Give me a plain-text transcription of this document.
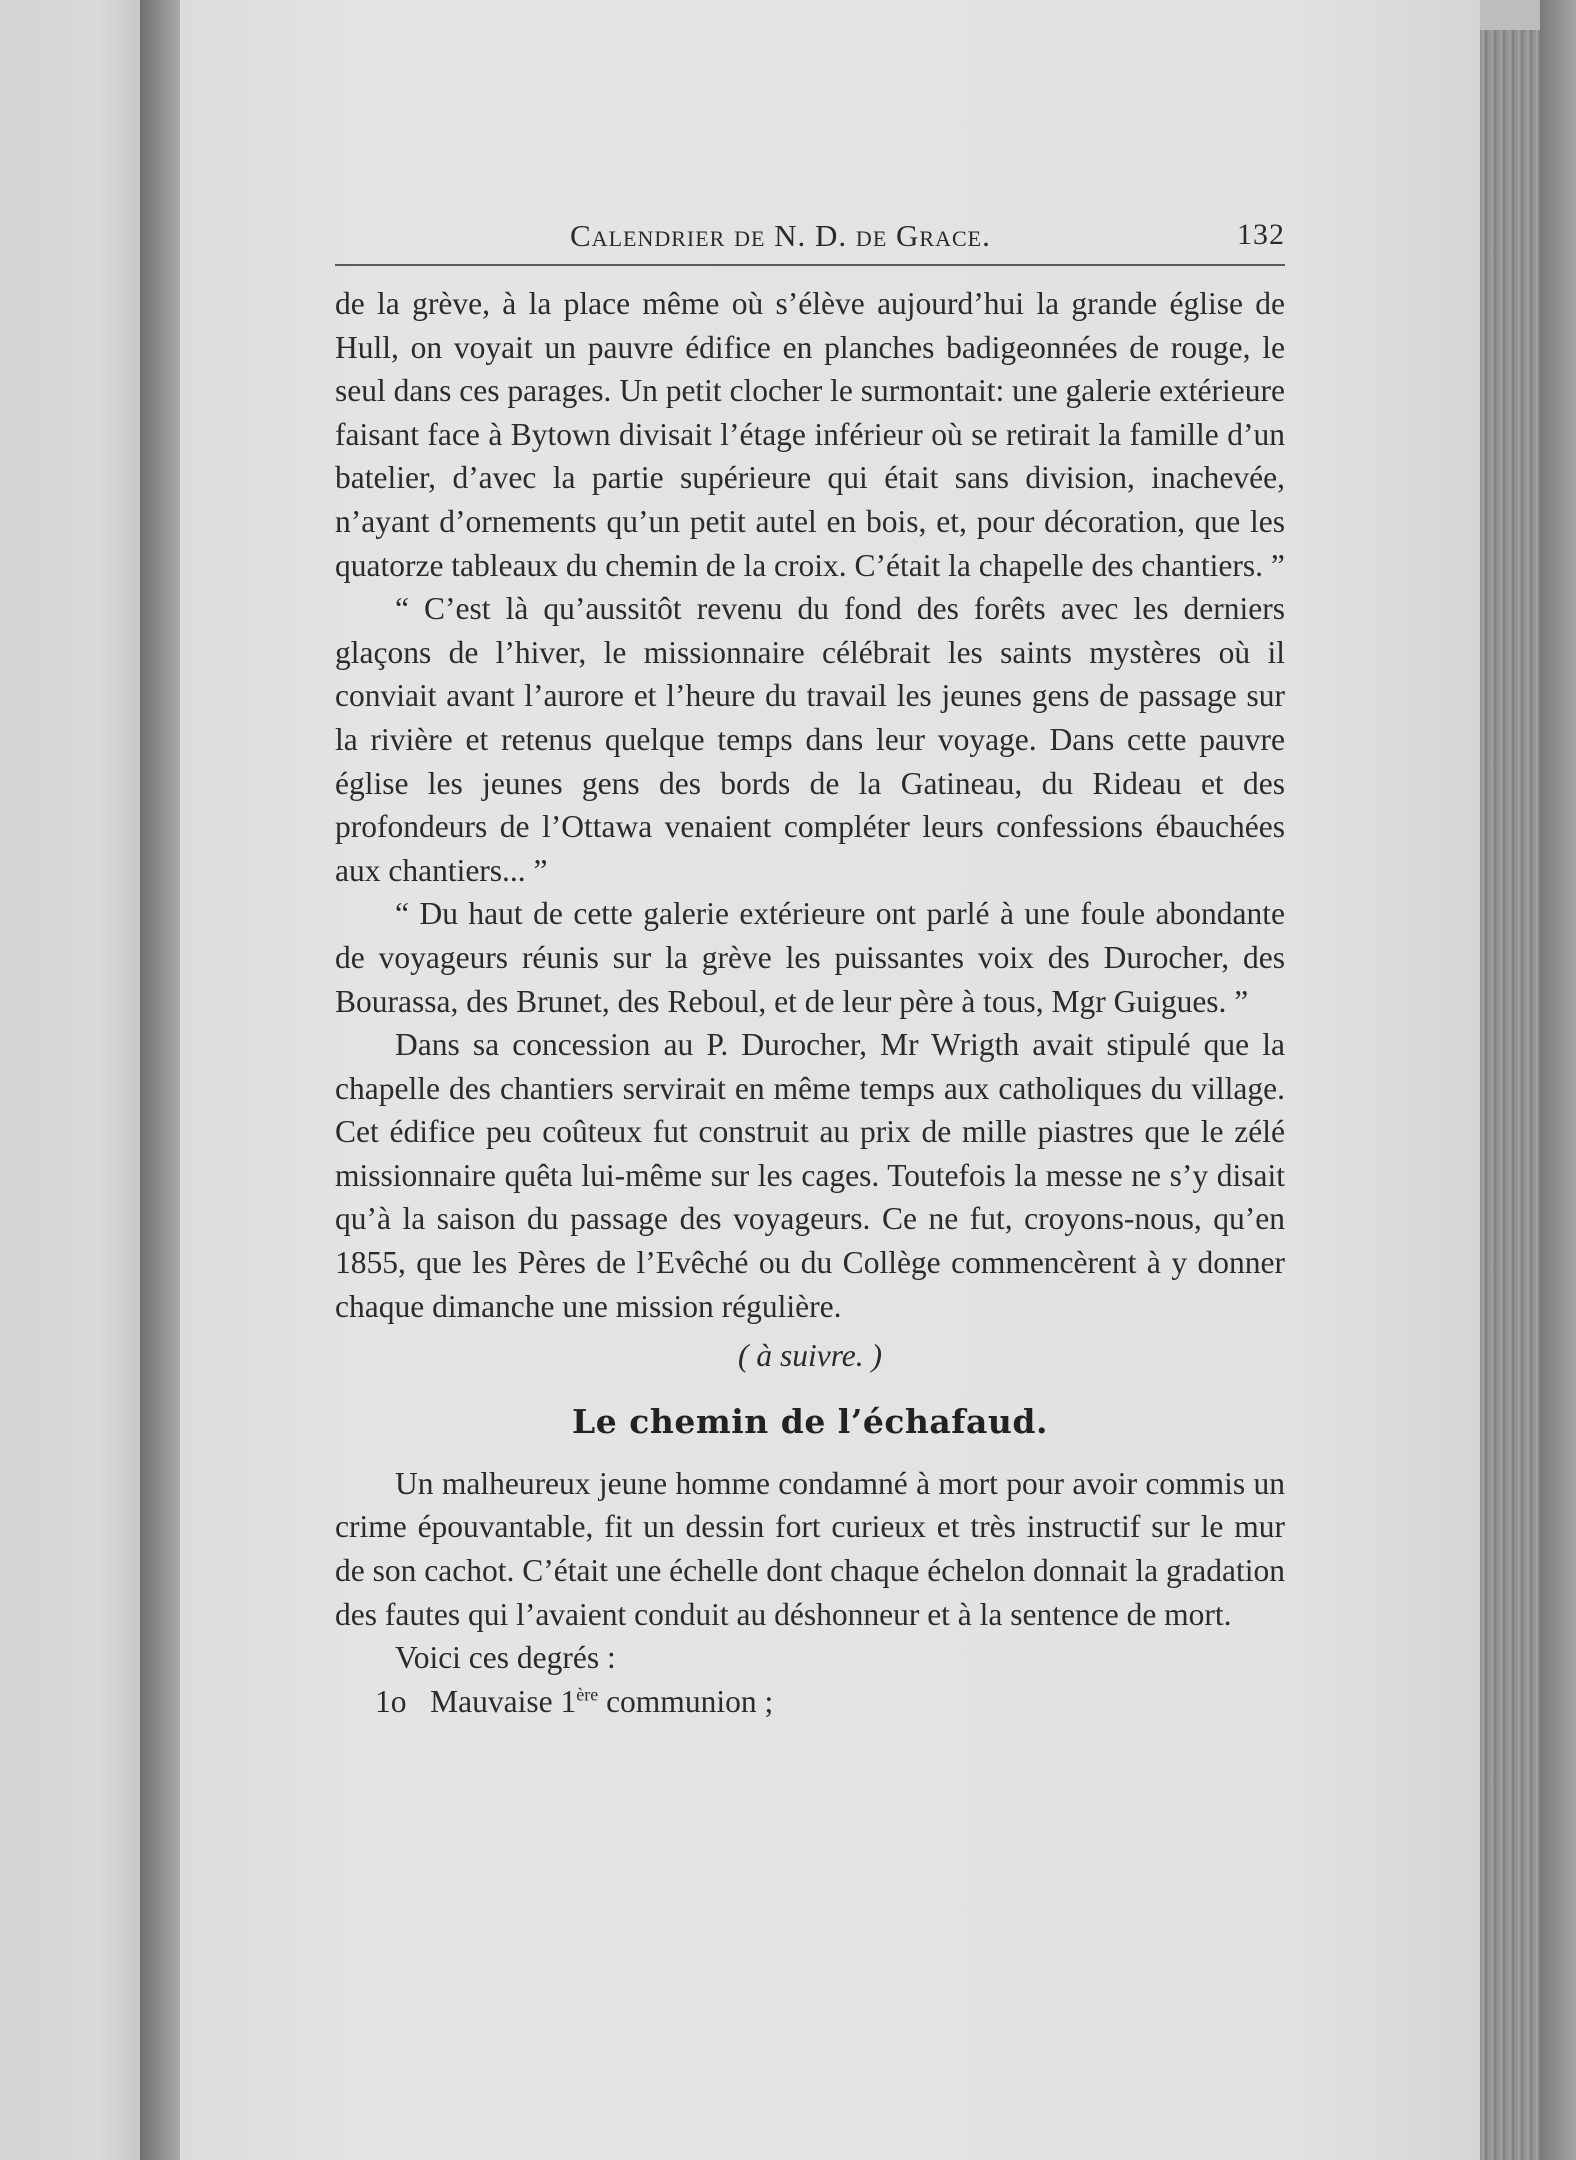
Calendrier de N. D. de Grace.	132

de la grève, à la place même où s’élève aujourd’hui la grande église de Hull, on voyait un pauvre édifice en planches badigeonnées de rouge, le seul dans ces parages. Un petit clocher le surmontait: une galerie extérieure faisant face à Bytown divisait l’étage inférieur où se retirait la famille d’un batelier, d’avec la partie supérieure qui était sans division, inachevée, n’ayant d’ornements qu’un petit autel en bois, et, pour décoration, que les quatorze tableaux du chemin de la croix. C’était la chapelle des chantiers. ”

“ C’est là qu’aussitôt revenu du fond des forêts avec les derniers glaçons de l’hiver, le missionnaire célébrait les saints mystères où il conviait avant l’aurore et l’heure du travail les jeunes gens de passage sur la rivière et retenus quelque temps dans leur voyage. Dans cette pauvre église les jeunes gens des bords de la Gatineau, du Rideau et des profondeurs de l’Ottawa venaient compléter leurs confessions ébauchées aux chantiers... ”

“ Du haut de cette galerie extérieure ont parlé à une foule abondante de voyageurs réunis sur la grève les puissantes voix des Durocher, des Bourassa, des Brunet, des Reboul, et de leur père à tous, Mgr Guigues. ”

Dans sa concession au P. Durocher, Mr Wrigth avait stipulé que la chapelle des chantiers servirait en même temps aux catholiques du village. Cet édifice peu coûteux fut construit au prix de mille piastres que le zélé missionnaire quêta lui-même sur les cages. Toutefois la messe ne s’y disait qu’à la saison du passage des voyageurs. Ce ne fut, croyons-nous, qu’en 1855, que les Pères de l’Evêché ou du Collège commencèrent à y donner chaque dimanche une mission régulière.

( à suivre. )

Le chemin de l’échafaud.

Un malheureux jeune homme condamné à mort pour avoir commis un crime épouvantable, fit un dessin fort curieux et très instructif sur le mur de son cachot. C’était une échelle dont chaque échelon donnait la gradation des fautes qui l’avaient conduit au déshonneur et à la sentence de mort.

Voici ces degrés :

1o Mauvaise 1ère communion ;
